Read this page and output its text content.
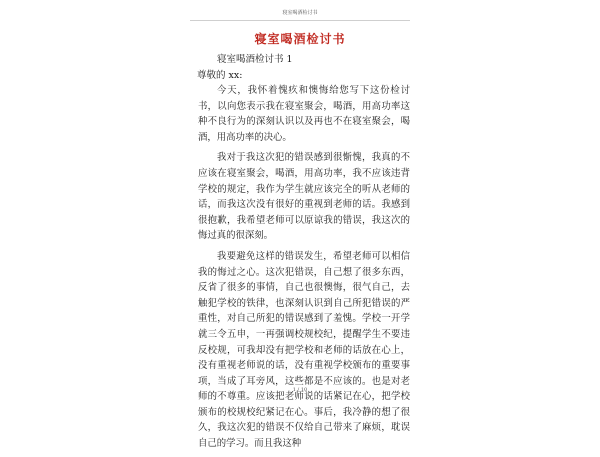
寝室喝酒检讨书
寝室喝酒检讨书
寝室喝酒检讨书 1
尊敬的 xx:

今天，我怀着愧疚和懊悔给您写下这份检讨书，以向您表示我在寝室聚会，喝酒，用高功率这种不良行为的深刻认识以及再也不在寝室聚会，喝酒，用高功率的决心。

我对于我这次犯的错误感到很惭愧，我真的不应该在寝室聚会，喝酒，用高功率，我不应该违背学校的规定，我作为学生就应该完全的听从老师的话，而我这次没有很好的重视到老师的话。我感到很抱歉，我希望老师可以原谅我的错误，我这次的悔过真的很深刻。

我要避免这样的错误发生，希望老师可以相信我的悔过之心。这次犯错误，自己想了很多东西，反省了很多的事情，自己也很懊悔，很气自己，去触犯学校的铁律，也深刻认识到自己所犯错误的严重性，对自己所犯的错误感到了羞愧。学校一开学就三令五申，一再强调校规校纪，提醒学生不要违反校规，可我却没有把学校和老师的话放在心上，没有重视老师说的话，没有重视学校颁布的重要事项，当成了耳旁风，这些都是不应该的。也是对老师的不尊重。应该把老师说的话紧记在心，把学校颁布的校规校纪紧记在心。事后，我冷静的想了很久，我这次犯的错误不仅给自己带来了麻烦，耽误自己的学习。而且我这种

1 / 10
